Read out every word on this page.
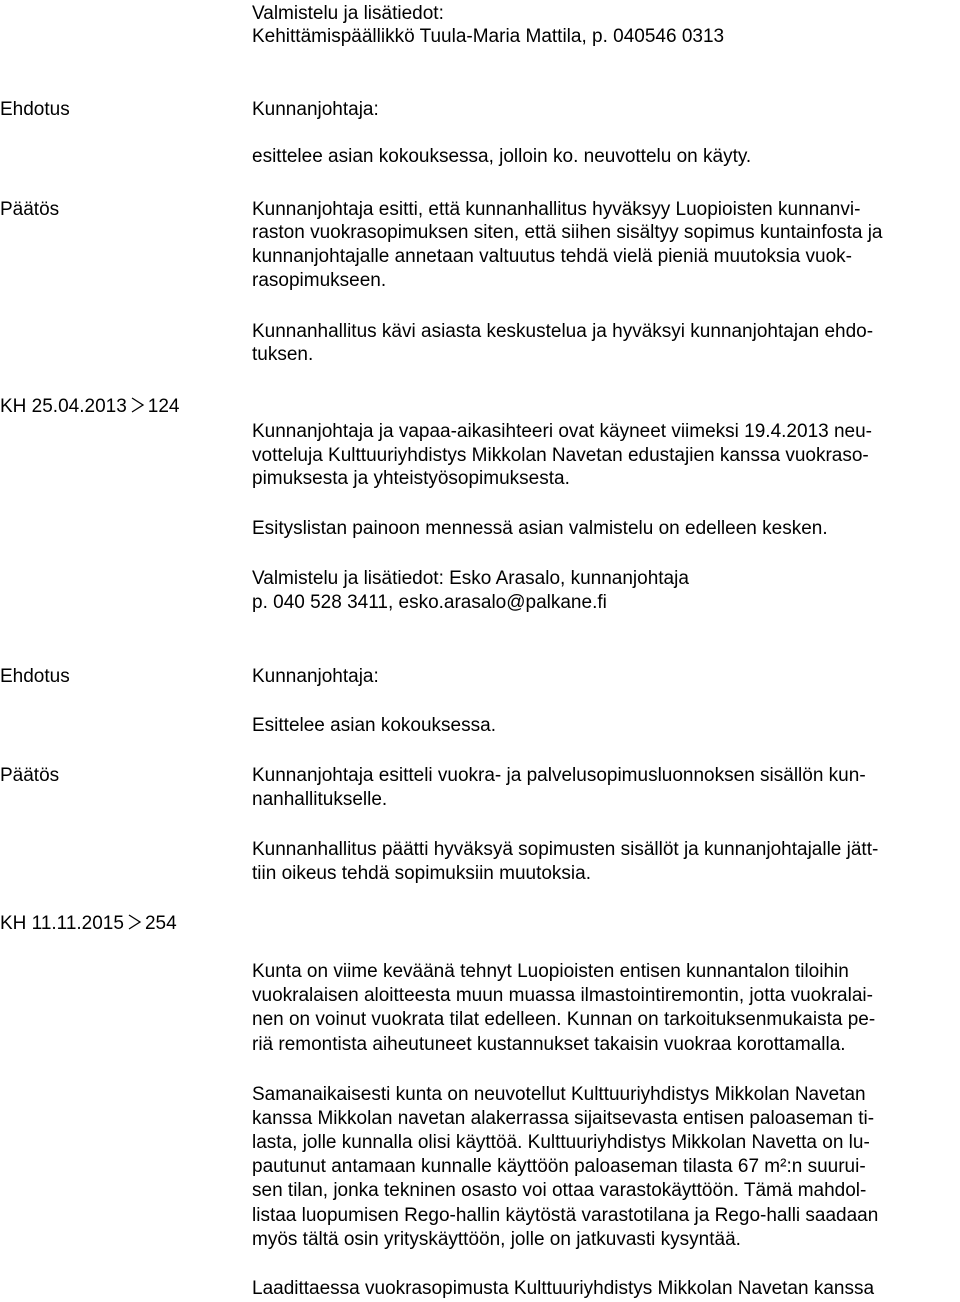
Valmistelu ja lisätiedot:

Kehittämispäällikkö Tuula-Maria Mattila, p. 040546 0313

Ehdotus	Kunnanjohtaja:

esittelee asian kokouksessa, jolloin ko. neuvottelu on käyty.

Päätös	Kunnanjohtaja esitti, että kunnanhallitus hyväksyy Luopioisten kunnanvi-

raston vuokrasopimuksen siten, että siihen sisältyy sopimus kuntainfosta ja

kunnanjohtajalle annetaan valtuutus tehdä vielä pieniä muutoksia vuok-

rasopimukseen.

Kunnanhallitus kävi asiasta keskustelua ja hyväksyi kunnanjohtajan ehdo-

tuksen.

KH 25.04.2013 124

Kunnanjohtaja ja vapaa-aikasihteeri ovat käyneet viimeksi 19.4.2013 neu-

votteluja Kulttuuriyhdistys Mikkolan Navetan edustajien kanssa vuokraso-

pimuksesta ja yhteistyösopimuksesta.

Esityslistan painoon mennessä asian valmistelu on edelleen kesken.

Valmistelu ja lisätiedot: Esko Arasalo, kunnanjohtaja

p. 040 528 3411, esko.arasalo@palkane.fi

Ehdotus	Kunnanjohtaja:

Esittelee asian kokouksessa.

Päätös	Kunnanjohtaja esitteli vuokra- ja palvelusopimusluonnoksen sisällön kun-

nanhallitukselle.

Kunnanhallitus päätti hyväksyä sopimusten sisällöt ja kunnanjohtajalle jätt-

tiin oikeus tehdä sopimuksiin muutoksia.

KH 11.11.2015 254

Kunta on viime keväänä tehnyt Luopioisten entisen kunnantalon tiloihin

vuokralaisen aloitteesta muun muassa ilmastointiremontin, jotta vuokralai-

nen on voinut vuokrata tilat edelleen. Kunnan on tarkoituksenmukaista pe-

riä remontista aiheutuneet kustannukset takaisin vuokraa korottamalla.

Samanaikaisesti kunta on neuvotellut Kulttuuriyhdistys Mikkolan Navetan

kanssa Mikkolan navetan alakerrassa sijaitsevasta entisen paloaseman ti-

lasta, jolle kunnalla olisi käyttöä. Kulttuuriyhdistys Mikkolan Navetta on lu-

pautunut antamaan kunnalle käyttöön paloaseman tilasta 67 m²:n suurui-

sen tilan, jonka tekninen osasto voi ottaa varastokäyttöön. Tämä mahdol-

listaa luopumisen Rego-hallin käytöstä varastotilana ja Rego-halli saadaan

myös tältä osin yrityskäyttöön, jolle on jatkuvasti kysyntää.

Laadittaessa vuokrasopimusta Kulttuuriyhdistys Mikkolan Navetan kanssa
